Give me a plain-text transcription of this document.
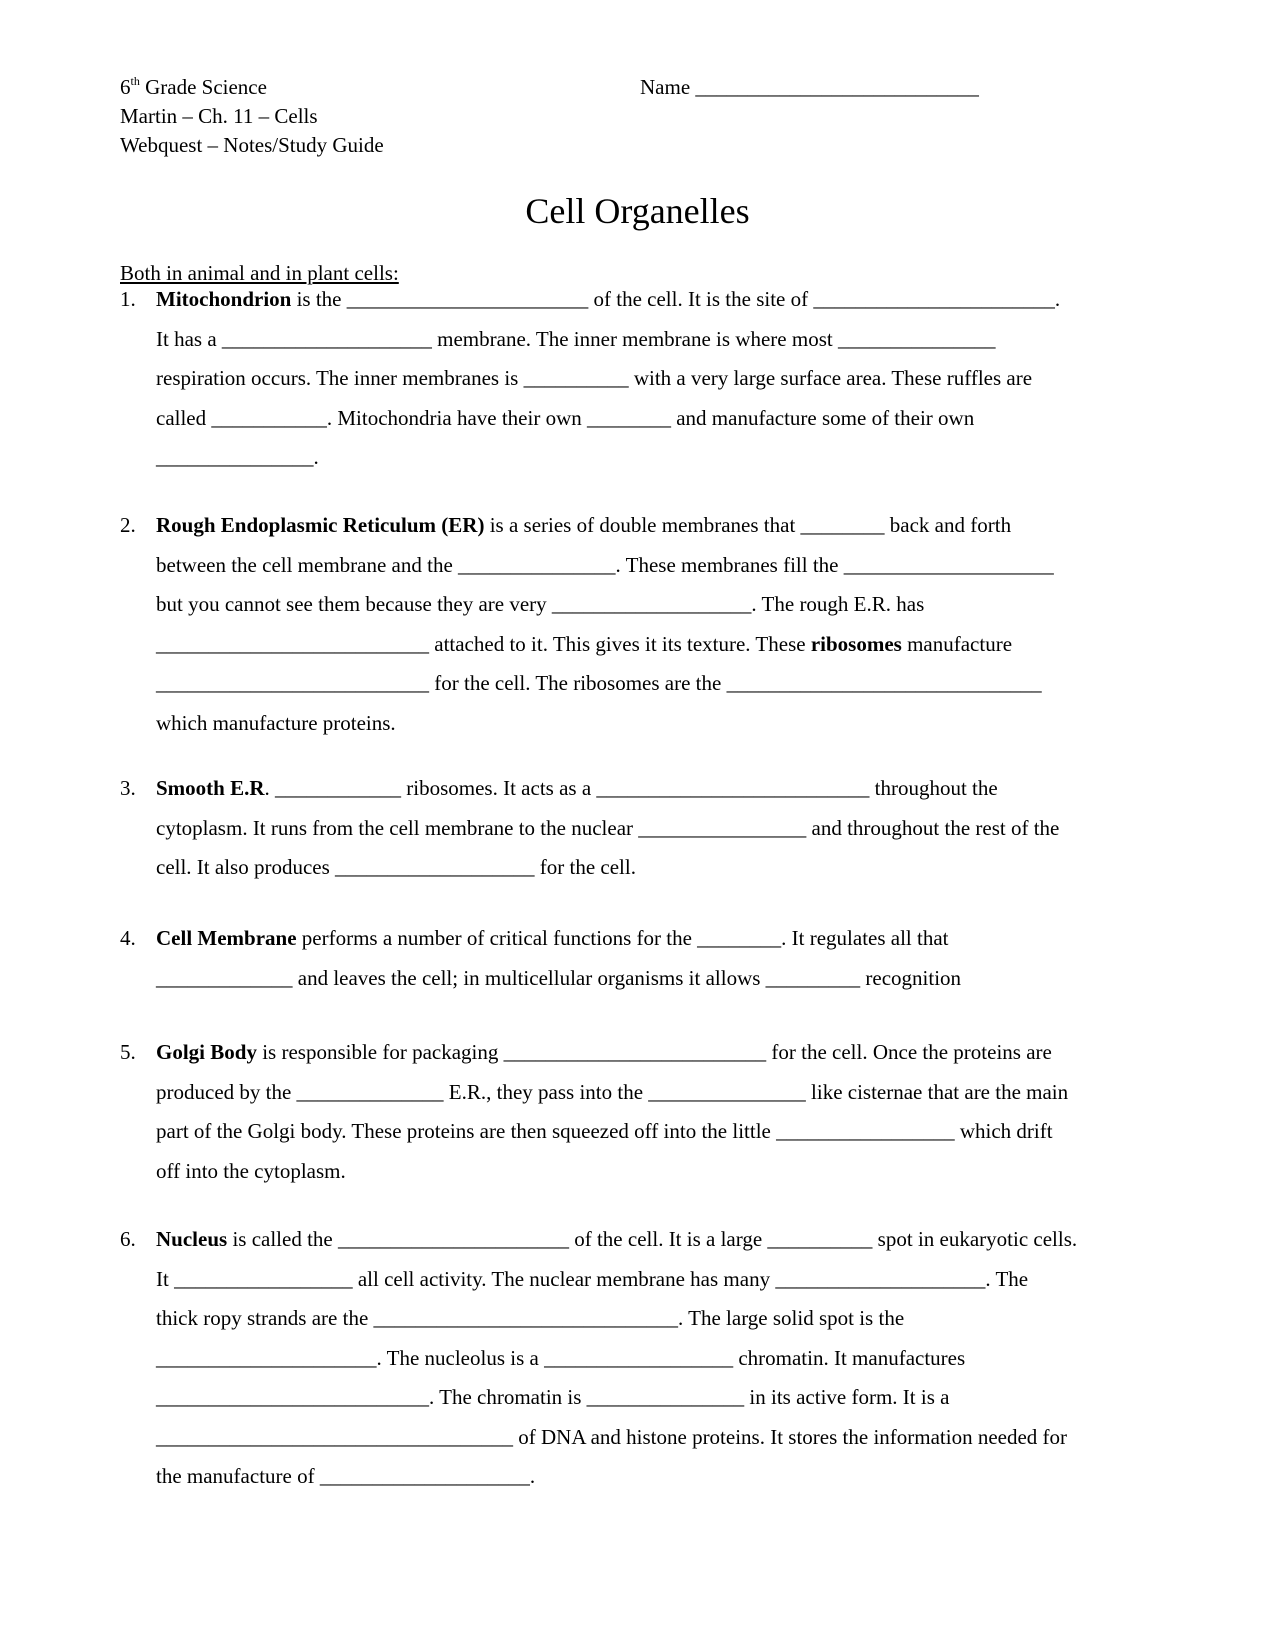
6th Grade Science
Martin – Ch. 11 – Cells
Webquest – Notes/Study Guide
Name ___________________________
Cell Organelles
Both in animal and in plant cells:
1. Mitochondrion is the _______________________ of the cell. It is the site of _______________________.
It has a ____________________ membrane. The inner membrane is where most _______________
respiration occurs. The inner membranes is __________ with a very large surface area. These ruffles are
called ___________. Mitochondria have their own ________ and manufacture some of their own
_______________.
2. Rough Endoplasmic Reticulum (ER) is a series of double membranes that ________ back and forth
between the cell membrane and the _______________. These membranes fill the ____________________
but you cannot see them because they are very ___________________. The rough E.R. has
__________________________ attached to it. This gives it its texture. These ribosomes manufacture
__________________________ for the cell. The ribosomes are the ______________________________
which manufacture proteins.
3. Smooth E.R. ____________ ribosomes. It acts as a __________________________ throughout the
cytoplasm. It runs from the cell membrane to the nuclear ________________ and throughout the rest of the
cell. It also produces ___________________ for the cell.
4. Cell Membrane performs a number of critical functions for the ________. It regulates all that
_____________ and leaves the cell; in multicellular organisms it allows _________ recognition
5. Golgi Body is responsible for packaging _________________________ for the cell. Once the proteins are
produced by the ______________ E.R., they pass into the _______________ like cisternae that are the main
part of the Golgi body. These proteins are then squeezed off into the little _________________ which drift
off into the cytoplasm.
6. Nucleus is called the ______________________ of the cell. It is a large __________ spot in eukaryotic cells.
It _________________ all cell activity. The nuclear membrane has many ____________________. The
thick ropy strands are the _____________________________. The large solid spot is the
_____________________. The nucleolus is a __________________ chromatin. It manufactures
__________________________. The chromatin is _______________ in its active form. It is a
__________________________________ of DNA and histone proteins. It stores the information needed for
the manufacture of ____________________.
